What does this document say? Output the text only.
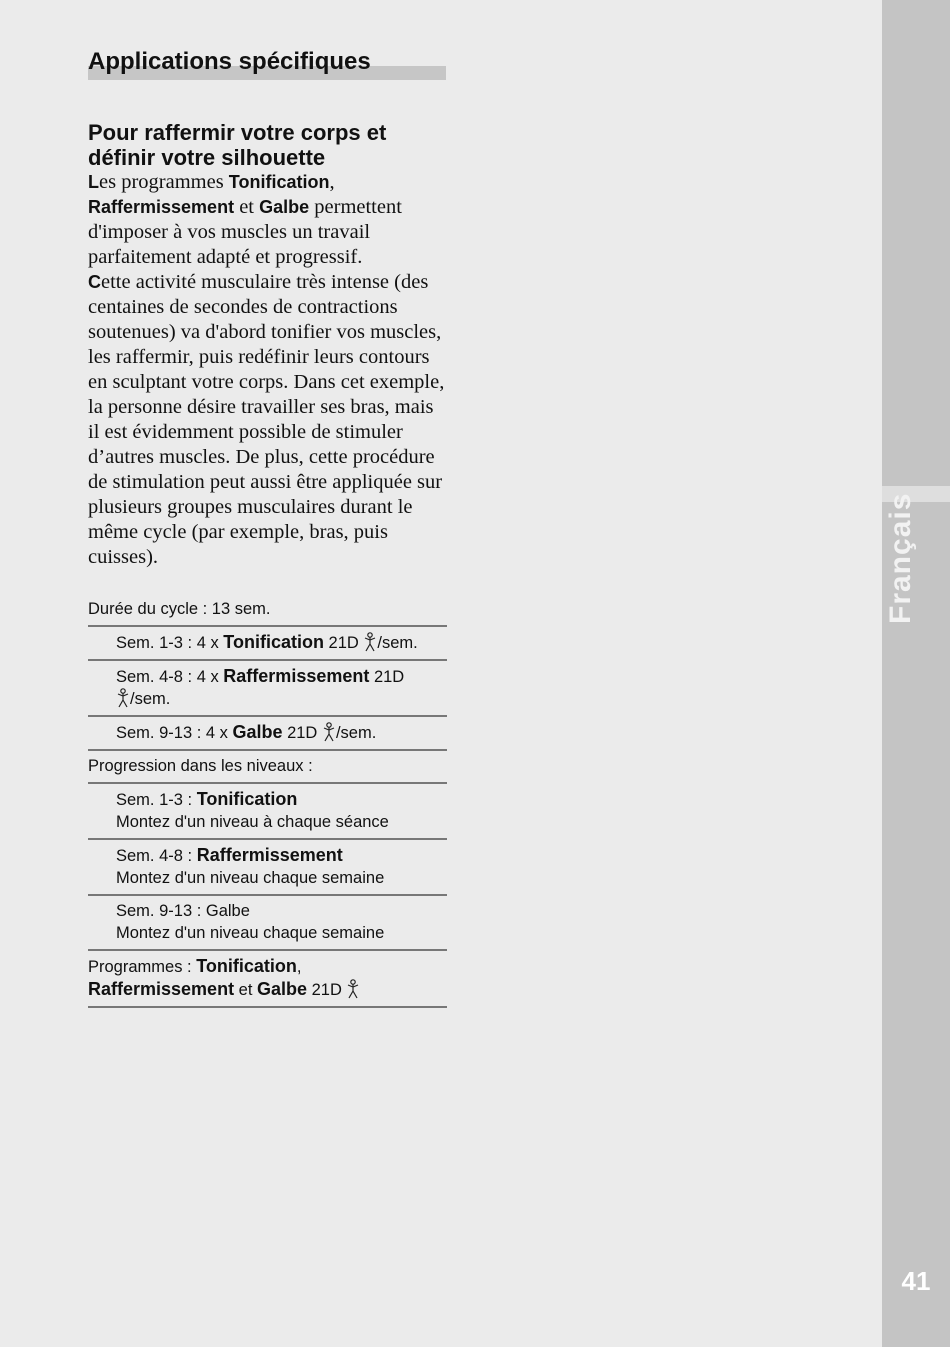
Français
41
Applications spécifiques
Pour raffermir votre corps et définir votre silhouette

Les programmes Tonification, Raffermissement et Galbe permettent d'imposer à vos muscles un travail parfaitement adapté et progressif.

Cette activité musculaire très intense (des centaines de secondes de contractions soutenues) va d'abord tonifier vos muscles, les raffermir, puis redéfinir leurs contours en sculptant votre corps. Dans cet exemple, la personne désire travailler ses bras, mais il est évidemment possible de stimuler d’autres muscles. De plus, cette procédure de stimulation peut aussi être appliquée sur plusieurs groupes musculaires durant le même cycle (par exemple, bras, puis cuisses).

Durée du cycle : 13 sem.
Sem. 1-3 : 4 x Tonification 21D /sem.
Sem. 4-8 : 4 x Raffermissement 21D
/sem.
Sem. 9-13 : 4 x Galbe 21D /sem.
Progression dans les niveaux :
Sem. 1-3 : Tonification
Montez d'un niveau à chaque séance
Sem. 4-8 : Raffermissement
Montez d'un niveau chaque semaine
Sem. 9-13 : Galbe
Montez d'un niveau chaque semaine
Programmes : Tonification,
Raffermissement et Galbe 21D
